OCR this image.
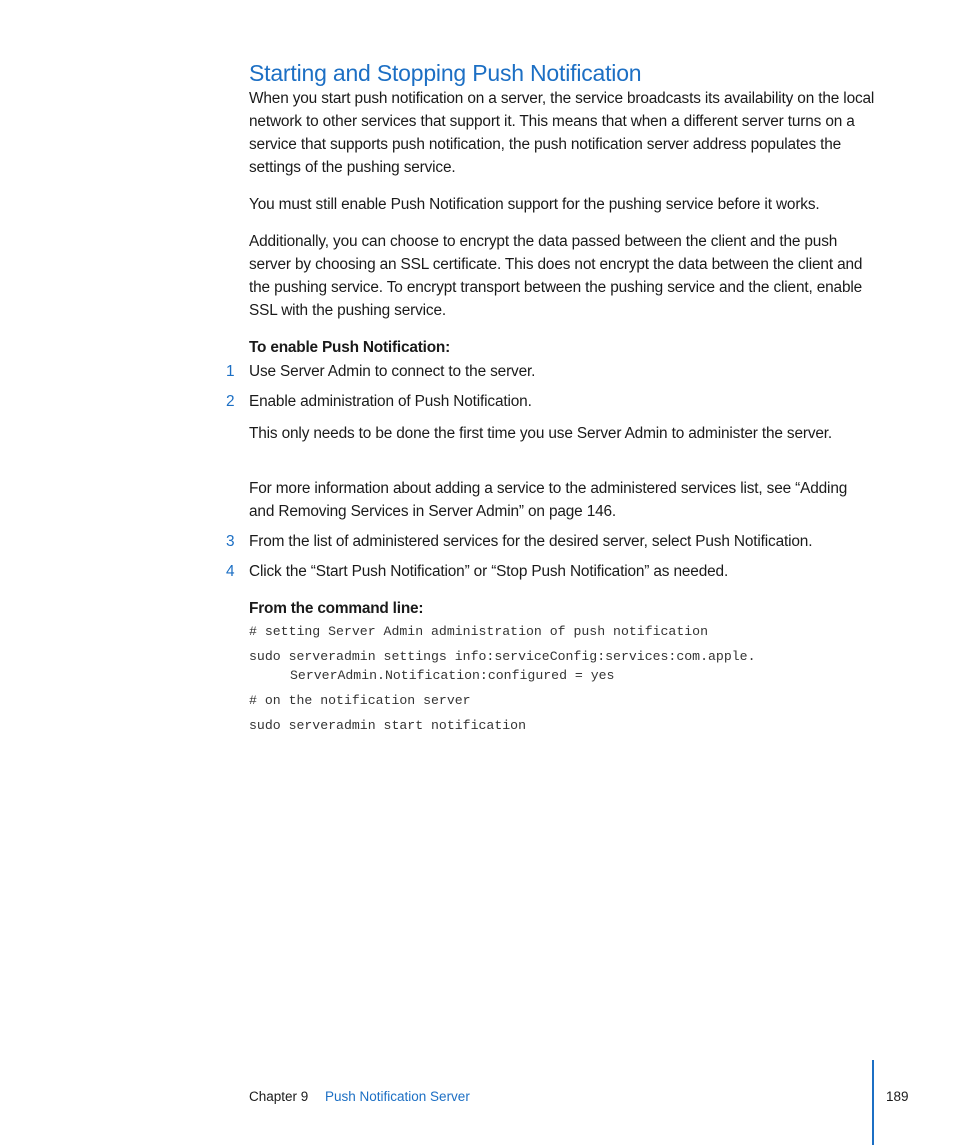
Starting and Stopping Push Notification

When you start push notification on a server, the service broadcasts its availability on the local network to other services that support it. This means that when a different server turns on a service that supports push notification, the push notification server address populates the settings of the pushing service.

You must still enable Push Notification support for the pushing service before it works.

Additionally, you can choose to encrypt the data passed between the client and the push server by choosing an SSL certificate. This does not encrypt the data between the client and the pushing service. To encrypt transport between the pushing service and the client, enable SSL with the pushing service.

To enable Push Notification:

1 Use Server Admin to connect to the server.
2 Enable administration of Push Notification.

This only needs to be done the first time you use Server Admin to administer the server.

For more information about adding a service to the administered services list, see “Adding and Removing Services in Server Admin” on page 146.

3 From the list of administered services for the desired server, select Push Notification.
4 Click the “Start Push Notification” or “Stop Push Notification” as needed.

From the command line:

# setting Server Admin administration of push notification
sudo serveradmin settings info:serviceConfig:services:com.apple.
ServerAdmin.Notification:configured = yes
# on the notification server
sudo serveradmin start notification
Chapter 9 Push Notification Server	189
